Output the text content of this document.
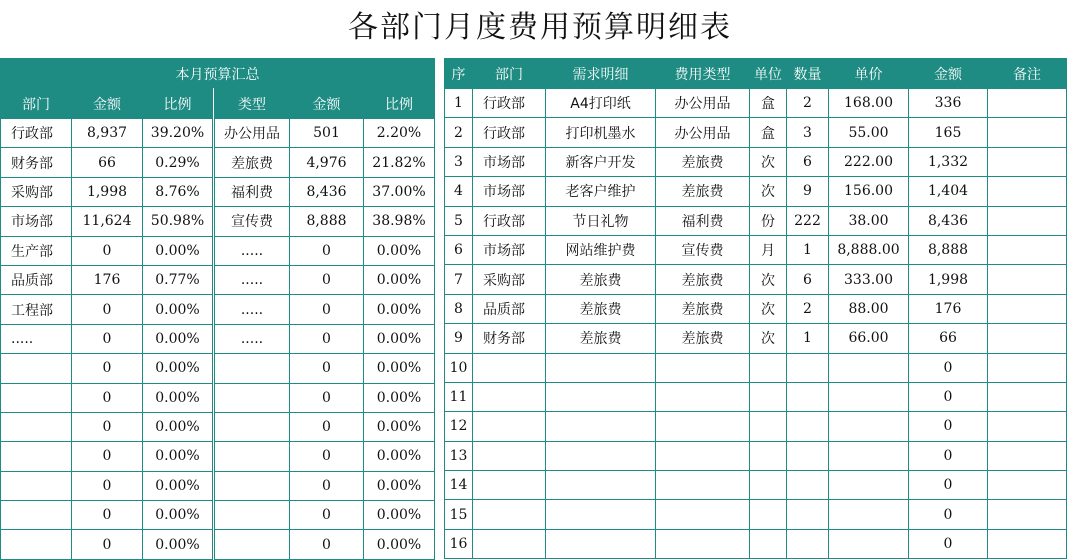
各部门月度费用预算明细表
本月预算汇总					
部门	金额	比例	类型	金额	比例
行政部	8,937	39.20%	办公用品	501	2.20%
财务部	66	0.29%	差旅费	4,976	21.82%
采购部	1,998	8.76%	福利费	8,436	37.00%
市场部	11,624	50.98%	宣传费	8,888	38.98%
生产部	0	0.00%	.....	0	0.00%
品质部	176	0.77%	.....	0	0.00%
工程部	0	0.00%	.....	0	0.00%
.....	0	0.00%	.....	0	0.00%
	0	0.00%		0	0.00%
	0	0.00%		0	0.00%
	0	0.00%		0	0.00%
	0	0.00%		0	0.00%
	0	0.00%		0	0.00%
	0	0.00%		0	0.00%
	0	0.00%		0	0.00%
序	部门	需求明细	费用类型	单位	数量	单价	金额	备注
1	行政部	A4打印纸	办公用品	盒	2	168.00	336	
2	行政部	打印机墨水	办公用品	盒	3	55.00	165	
3	市场部	新客户开发	差旅费	次	6	222.00	1,332	
4	市场部	老客户维护	差旅费	次	9	156.00	1,404	
5	行政部	节日礼物	福利费	份	222	38.00	8,436	
6	市场部	网站维护费	宣传费	月	1	8,888.00	8,888	
7	采购部	差旅费	差旅费	次	6	333.00	1,998	
8	品质部	差旅费	差旅费	次	2	88.00	176	
9	财务部	差旅费	差旅费	次	1	66.00	66	
10							0	
11							0	
12							0	
13							0	
14							0	
15							0	
16							0	
